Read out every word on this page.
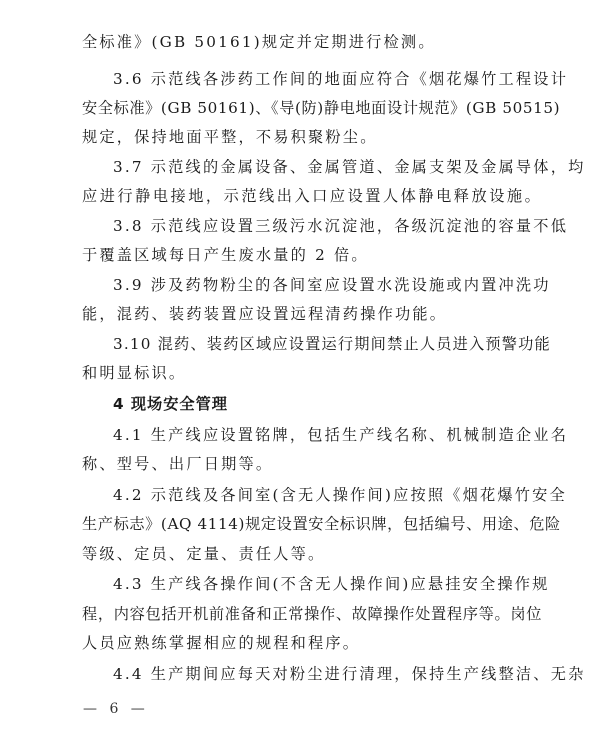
全标准》(GB 50161)规定并定期进行检测。
3.6 示范线各涉药工作间的地面应符合《烟花爆竹工程设计
安全标准》(GB 50161)、《导(防)静电地面设计规范》(GB 50515)
规定，保持地面平整，不易积聚粉尘。
3.7 示范线的金属设备、金属管道、金属支架及金属导体，均
应进行静电接地，示范线出入口应设置人体静电释放设施。
3.8 示范线应设置三级污水沉淀池，各级沉淀池的容量不低
于覆盖区域每日产生废水量的 2 倍。
3.9 涉及药物粉尘的各间室应设置水洗设施或内置冲洗功
能，混药、装药装置应设置远程清药操作功能。
3.10 混药、装药区域应设置运行期间禁止人员进入预警功能
和明显标识。
4 现场安全管理
4.1 生产线应设置铭牌，包括生产线名称、机械制造企业名
称、型号、出厂日期等。
4.2 示范线及各间室(含无人操作间)应按照《烟花爆竹安全
生产标志》(AQ 4114)规定设置安全标识牌，包括编号、用途、危险
等级、定员、定量、责任人等。
4.3 生产线各操作间(不含无人操作间)应悬挂安全操作规
程，内容包括开机前准备和正常操作、故障操作处置程序等。岗位
人员应熟练掌握相应的规程和程序。
4.4 生产期间应每天对粉尘进行清理，保持生产线整洁、无杂
— 6 —
